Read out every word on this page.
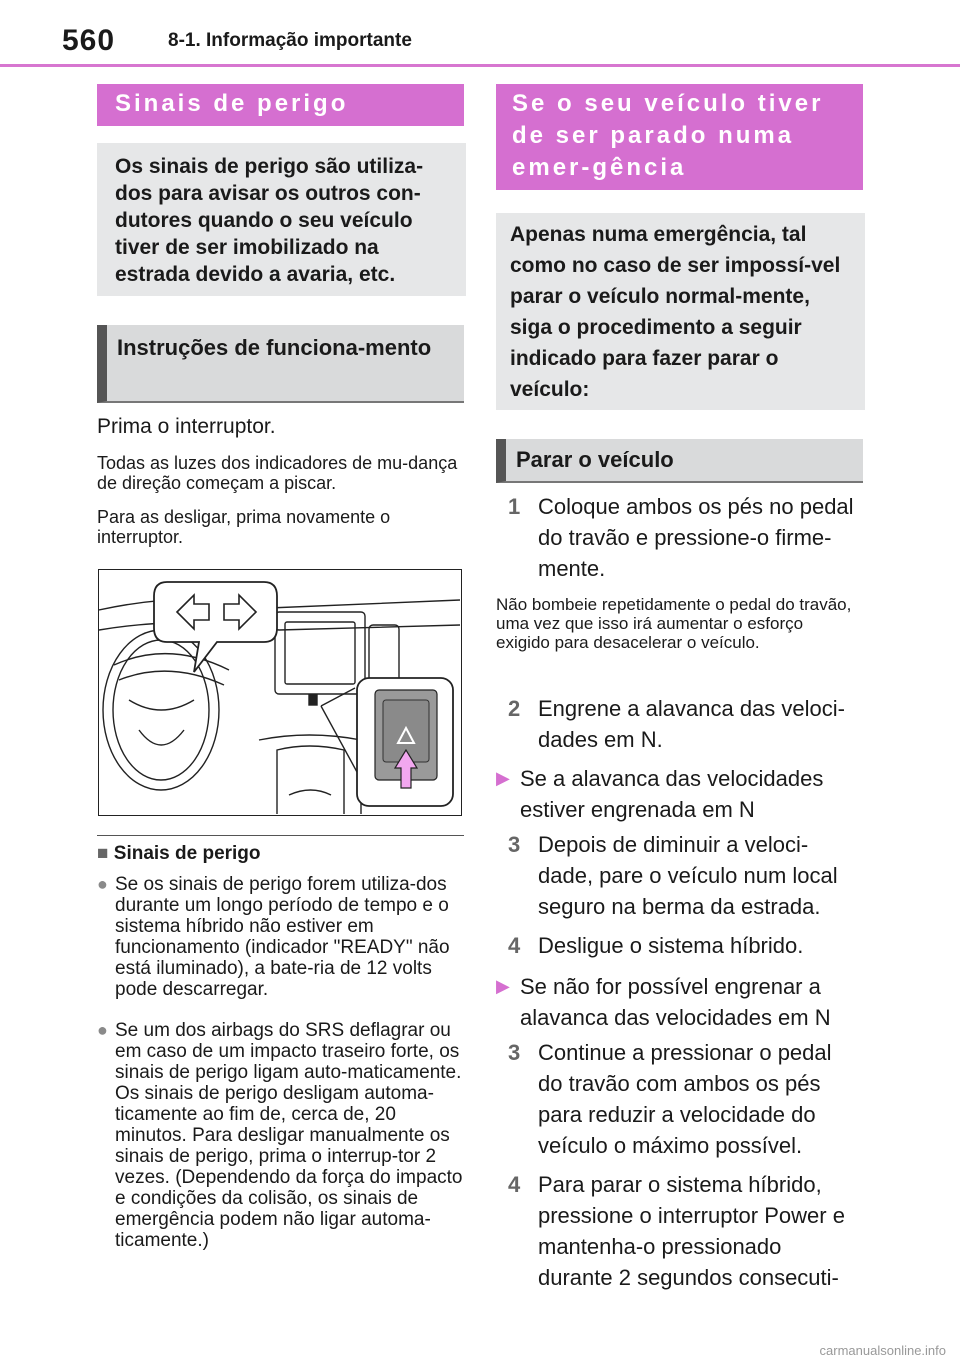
560	8-1. Informação importante
Sinais de perigo
Os sinais de perigo são utiliza-dos para avisar os outros con-dutores quando o seu veículo tiver de ser imobilizado na estrada devido a avaria, etc.
Instruções de funciona-mento
Prima o interruptor.
Todas as luzes dos indicadores de mu-dança de direção começam a piscar.
Para as desligar, prima novamente o interruptor.
■ Sinais de perigo
● Se os sinais de perigo forem utiliza-dos durante um longo período de tempo e o sistema híbrido não estiver em funcionamento (indicador "READY" não está iluminado), a bate-ria de 12 volts pode descarregar.
● Se um dos airbags do SRS deflagrar ou em caso de um impacto traseiro forte, os sinais de perigo ligam auto-maticamente. Os sinais de perigo desligam automa-ticamente ao fim de, cerca de, 20 minutos. Para desligar manualmente os sinais de perigo, prima o interrup-tor 2 vezes. (Dependendo da força do impacto e condições da colisão, os sinais de emergência podem não ligar automa-ticamente.)
Se o seu veículo tiver de ser parado numa emer-gência
Apenas numa emergência, tal como no caso de ser impossí-vel parar o veículo normal-mente, siga o procedimento a seguir indicado para fazer parar o veículo:
Parar o veículo
1 Coloque ambos os pés no pedal do travão e pressione-o firme-mente.
Não bombeie repetidamente o pedal do travão, uma vez que isso irá aumentar o esforço exigido para desacelerar o veículo.
2 Engrene a alavanca das veloci-dades em N.
▶ Se a alavanca das velocidades estiver engrenada em N
3 Depois de diminuir a veloci-dade, pare o veículo num local seguro na berma da estrada.
4 Desligue o sistema híbrido.
▶ Se não for possível engrenar a alavanca das velocidades em N
3 Continue a pressionar o pedal do travão com ambos os pés para reduzir a velocidade do veículo o máximo possível.
4 Para parar o sistema híbrido, pressione o interruptor Power e mantenha-o pressionado durante 2 segundos consecuti-
carmanualsonline.info
